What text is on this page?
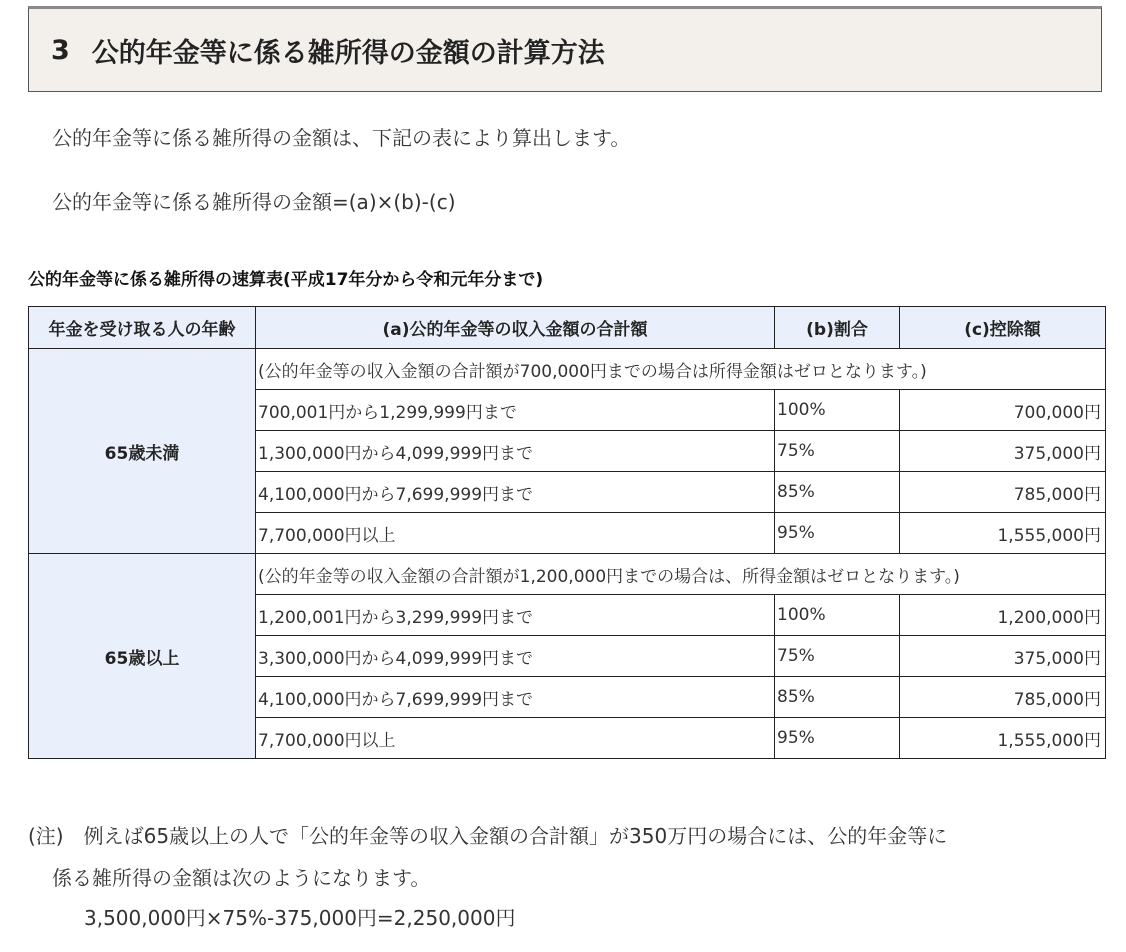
3 公的年金等に係る雑所得の金額の計算方法
公的年金等に係る雑所得の金額は、下記の表により算出します。
公的年金等に係る雑所得の金額=(a)×(b)-(c)
公的年金等に係る雑所得の速算表(平成17年分から令和元年分まで)
年金を受け取る人の年齢	(a)公的年金等の収入金額の合計額	(b)割合	(c)控除額
65歳未満	(公的年金等の収入金額の合計額が700,000円までの場合は所得金額はゼロとなります。)		
	700,001円から1,299,999円まで	100%	700,000円
	1,300,000円から4,099,999円まで	75%	375,000円
	4,100,000円から7,699,999円まで	85%	785,000円
	7,700,000円以上	95%	1,555,000円
65歳以上	(公的年金等の収入金額の合計額が1,200,000円までの場合は、所得金額はゼロとなります。)		
	1,200,001円から3,299,999円まで	100%	1,200,000円
	3,300,000円から4,099,999円まで	75%	375,000円
	4,100,000円から7,699,999円まで	85%	785,000円
	7,700,000円以上	95%	1,555,000円
(注)　例えば65歳以上の人で「公的年金等の収入金額の合計額」が350万円の場合には、公的年金等に
係る雑所得の金額は次のようになります。
3,500,000円×75%-375,000円=2,250,000円
